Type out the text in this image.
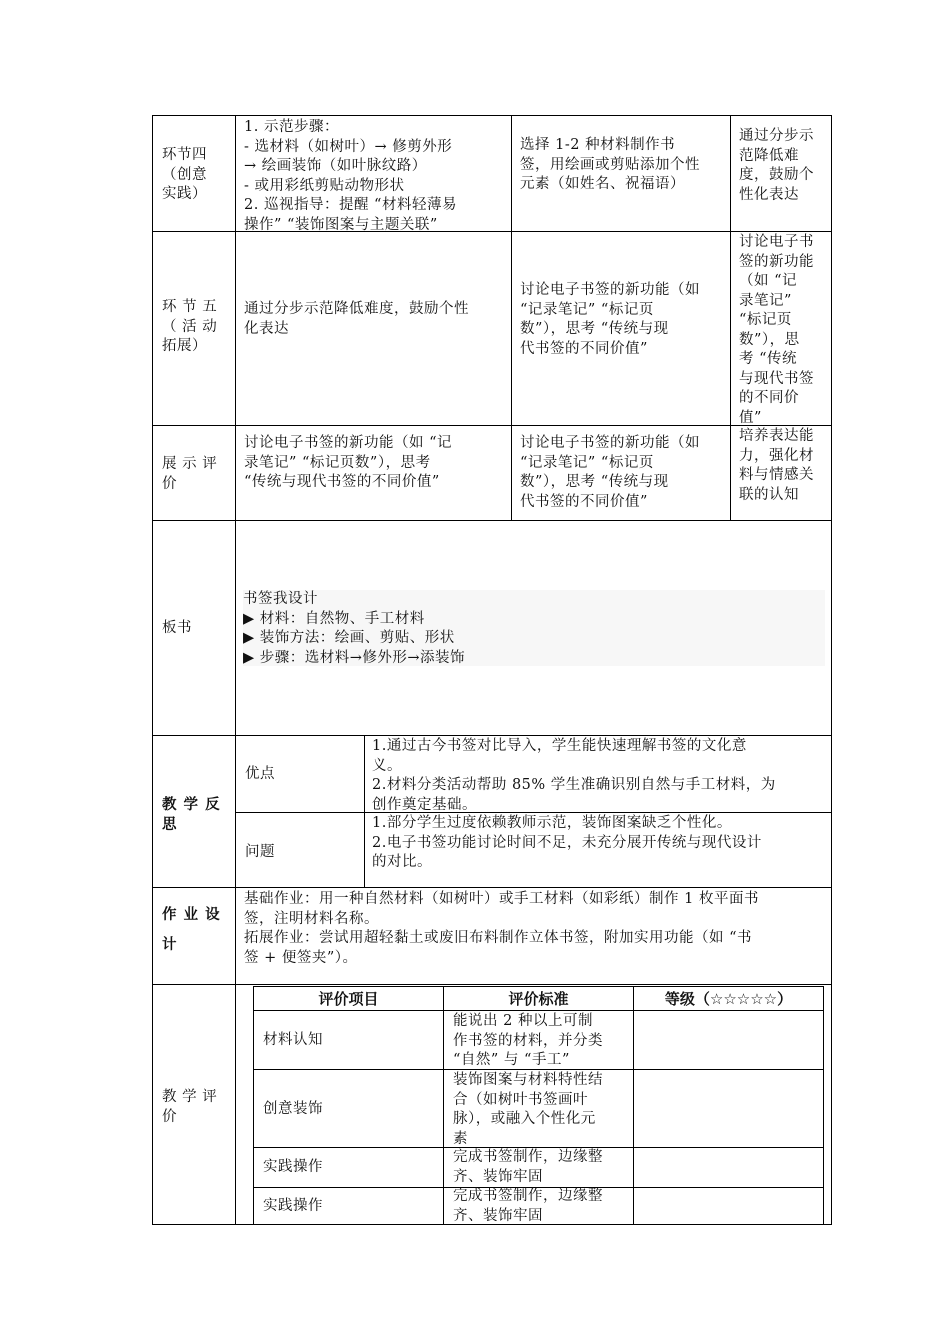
环节四
（创意
实践）
1. 示范步骤：
- 选材料（如树叶）→ 修剪外形
→ 绘画装饰（如叶脉纹路）
- 或用彩纸剪贴动物形状
2. 巡视指导：提醒 “材料轻薄易
操作” “装饰图案与主题关联”
选择 1-2 种材料制作书
签，用绘画或剪贴添加个性
元素（如姓名、祝福语）
通过分步示
范降低难
度，鼓励个
性化表达
环 节 五
（ 活 动
拓展）
通过分步示范降低难度，鼓励个性
化表达
讨论电子书签的新功能（如
“记录笔记” “标记页
数”），思考 “传统与现
代书签的不同价值”
讨论电子书
签的新功能
（如 “记
录笔记”
“标记页
数”），思
考 “传统
与现代书签
的不同价
值”
展 示 评
价
讨论电子书签的新功能（如 “记
录笔记” “标记页数”），思考
“传统与现代书签的不同价值”
讨论电子书签的新功能（如
“记录笔记” “标记页
数”），思考 “传统与现
代书签的不同价值”
培养表达能
力，强化材
料与情感关
联的认知
板书
书签我设计
▶ 材料：自然物、手工材料
▶ 装饰方法：绘画、剪贴、形状
▶ 步骤：选材料→修外形→添装饰
教 学 反
思
优点
1.通过古今书签对比导入，学生能快速理解书签的文化意
义。
2.材料分类活动帮助 85% 学生准确识别自然与手工材料，为
创作奠定基础。
问题
1.部分学生过度依赖教师示范，装饰图案缺乏个性化。
2.电子书签功能讨论时间不足，未充分展开传统与现代设计
的对比。
作 业 设
计
基础作业：用一种自然材料（如树叶）或手工材料（如彩纸）制作 1 枚平面书
签，注明材料名称。
拓展作业：尝试用超轻黏土或废旧布料制作立体书签，附加实用功能（如 “书
签 + 便签夹”）。
教 学 评
价
评价项目	评价标准	等级（☆☆☆☆☆）
材料认知
能说出 2 种以上可制
作书签的材料，并分类
“自然” 与 “手工”
创意装饰
装饰图案与材料特性结
合（如树叶书签画叶
脉），或融入个性化元
素
实践操作
完成书签制作，边缘整
齐、装饰牢固
实践操作
完成书签制作，边缘整
齐、装饰牢固
